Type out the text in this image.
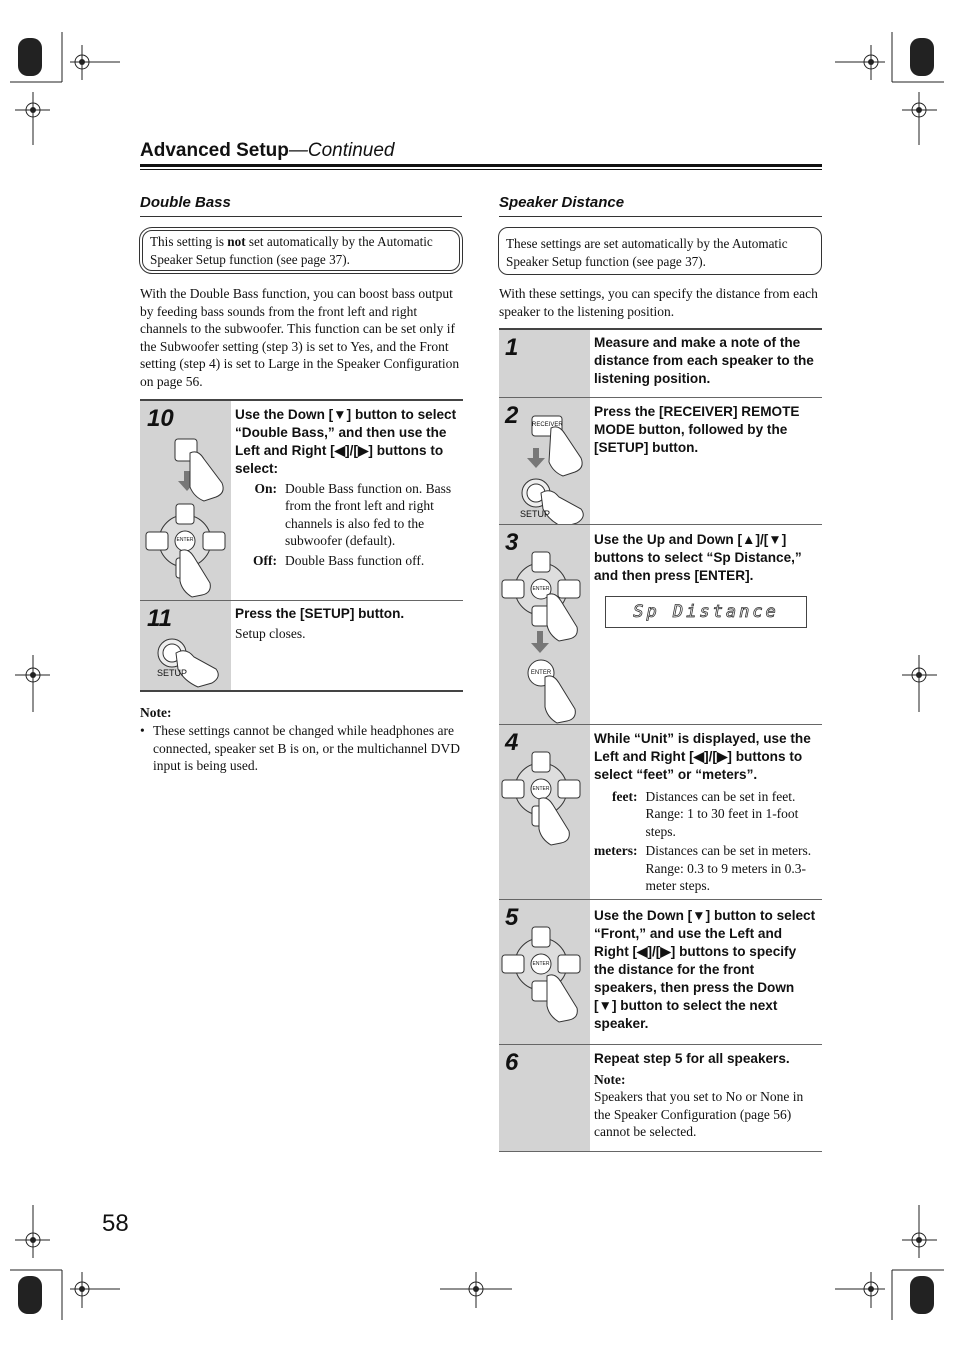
Advanced Setup—Continued
Double Bass
This setting is not set automatically by the Automatic Speaker Setup function (see page 37).
With the Double Bass function, you can boost bass output by feeding bass sounds from the front left and right channels to the subwoofer. This function can be set only if the Subwoofer setting (step 3) is set to Yes, and the Front setting (step 4) is set to Large in the Speaker Configuration on page 56.
10
ENTER
Use the Down [▼] button to select “Double Bass,” and then use the Left and Right [◀]/[▶] buttons to select:
On: Double Bass function on. Bass from the front left and right channels is also fed to the subwoofer (default).
Off: Double Bass function off.
11
SETUP
Press the [SETUP] button.
Setup closes.
Note:
• These settings cannot be changed while headphones are connected, speaker set B is on, or the multichannel DVD input is being used.
Speaker Distance
These settings are set automatically by the Automatic Speaker Setup function (see page 37).
With these settings, you can specify the distance from each speaker to the listening position.
1	Measure and make a note of the distance from each speaker to the listening position.
2 RECEIVER
SETUP
Press the [RECEIVER] REMOTE MODE button, followed by the [SETUP] button.
3
ENTER
ENTER
Use the Up and Down [▲]/[▼] buttons to select “Sp Distance,” and then press [ENTER].
Sp Distance
4
ENTER
While “Unit” is displayed, use the Left and Right [◀]/[▶] buttons to select “feet” or “meters”.
feet: Distances can be set in feet. Range: 1 to 30 feet in 1-foot steps.
meters: Distances can be set in meters. Range: 0.3 to 9 meters in 0.3-meter steps.
5
ENTER
Use the Down [▼] button to select “Front,” and use the Left and Right [◀]/[▶] buttons to specify the distance for the front speakers, then press the Down [▼] button to select the next speaker.
6	Repeat step 5 for all speakers.
Note:
Speakers that you set to No or None in the Speaker Configuration (page 56) cannot be selected.
58
